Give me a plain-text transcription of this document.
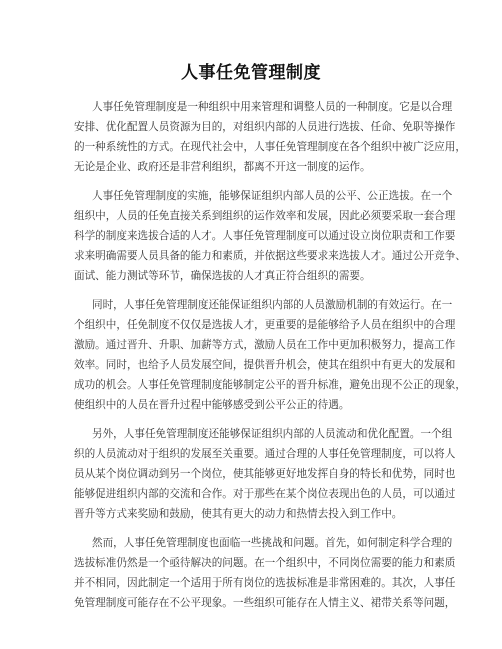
人事任免管理制度
人事任免管理制度是一种组织中用来管理和调整人员的一种制度。它是以合理
安排、优化配置人员资源为目的，对组织内部的人员进行选拔、任命、免职等操作
的一种系统性的方式。在现代社会中，人事任免管理制度在各个组织中被广泛应用，
无论是企业、政府还是非营利组织，都离不开这一制度的运作。
人事任免管理制度的实施，能够保证组织内部人员的公平、公正选拔。在一个
组织中，人员的任免直接关系到组织的运作效率和发展，因此必须要采取一套合理
科学的制度来选拔合适的人才。人事任免管理制度可以通过设立岗位职责和工作要
求来明确需要人员具备的能力和素质，并依据这些要求来选拔人才。通过公开竞争、
面试、能力测试等环节，确保选拔的人才真正符合组织的需要。
同时，人事任免管理制度还能保证组织内部的人员激励机制的有效运行。在一
个组织中，任免制度不仅仅是选拔人才，更重要的是能够给予人员在组织中的合理
激励。通过晋升、升职、加薪等方式，激励人员在工作中更加积极努力，提高工作
效率。同时，也给予人员发展空间，提供晋升机会，使其在组织中有更大的发展和
成功的机会。人事任免管理制度能够制定公平的晋升标准，避免出现不公正的现象，
使组织中的人员在晋升过程中能够感受到公平公正的待遇。
另外，人事任免管理制度还能够保证组织内部的人员流动和优化配置。一个组
织的人员流动对于组织的发展至关重要。通过合理的人事任免管理制度，可以将人
员从某个岗位调动到另一个岗位，使其能够更好地发挥自身的特长和优势，同时也
能够促进组织内部的交流和合作。对于那些在某个岗位表现出色的人员，可以通过
晋升等方式来奖励和鼓励，使其有更大的动力和热情去投入到工作中。
然而，人事任免管理制度也面临一些挑战和问题。首先，如何制定科学合理的
选拔标准仍然是一个亟待解决的问题。在一个组织中，不同岗位需要的能力和素质
并不相同，因此制定一个适用于所有岗位的选拔标准是非常困难的。其次，人事任
免管理制度可能存在不公平现象。一些组织可能存在人情主义、裙带关系等问题，
